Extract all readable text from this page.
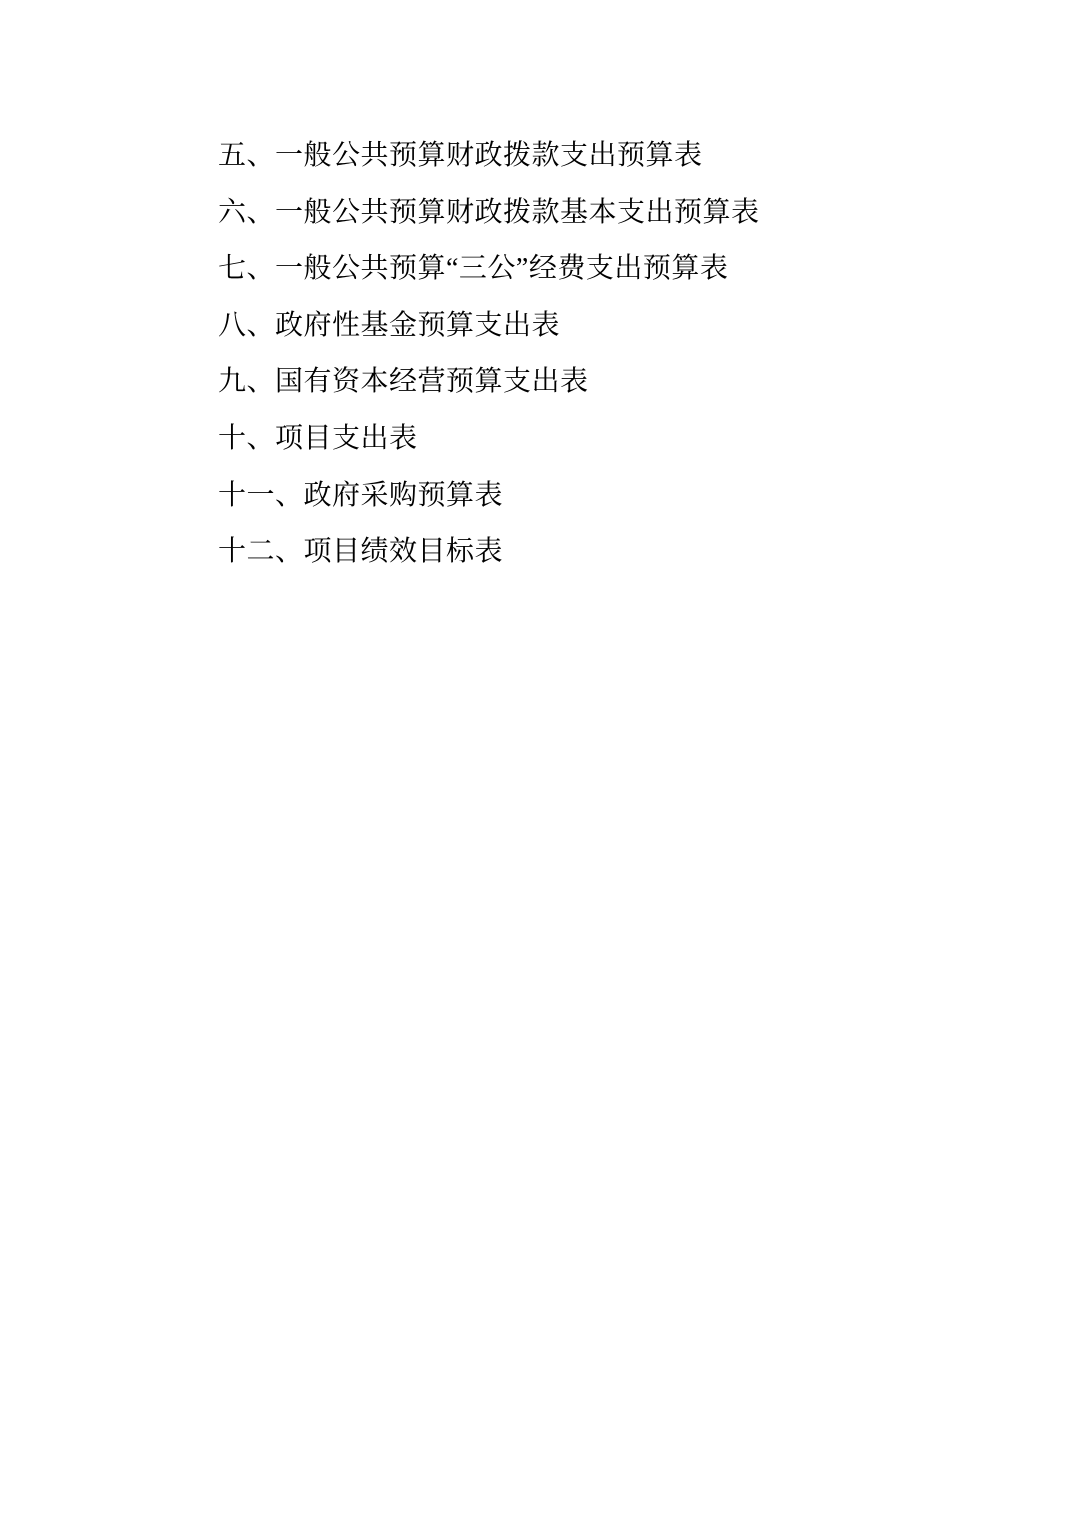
五、一般公共预算财政拨款支出预算表
六、一般公共预算财政拨款基本支出预算表
七、一般公共预算“三公”经费支出预算表
八、政府性基金预算支出表
九、国有资本经营预算支出表
十、项目支出表
十一、政府采购预算表
十二、项目绩效目标表
